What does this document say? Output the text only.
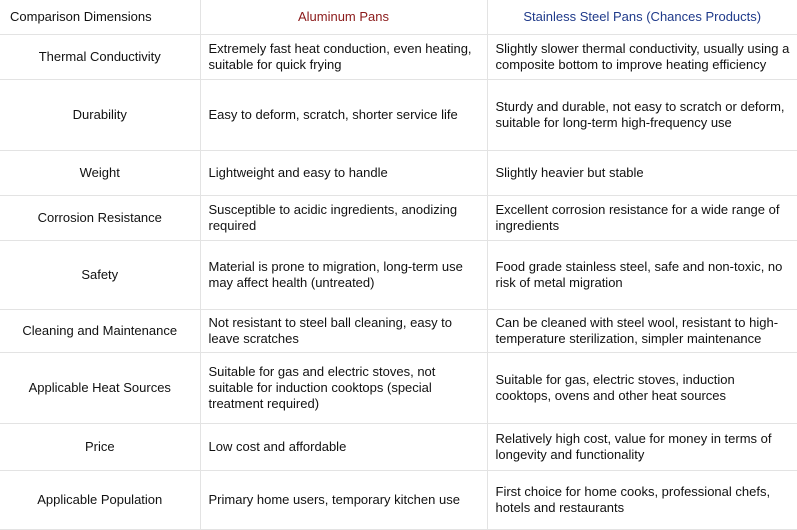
Comparison Dimensions	Aluminum Pans	Stainless Steel Pans (Chances Products)
Thermal Conductivity	Extremely fast heat conduction, even heating, suitable for quick frying	Slightly slower thermal conductivity, usually using a composite bottom to improve heating efficiency
Durability	Easy to deform, scratch, shorter service life	Sturdy and durable, not easy to scratch or deform, suitable for long-term high-frequency use
Weight	Lightweight and easy to handle	Slightly heavier but stable
Corrosion Resistance	Susceptible to acidic ingredients, anodizing required	Excellent corrosion resistance for a wide range of ingredients
Safety	Material is prone to migration, long-term use may affect health (untreated)	Food grade stainless steel, safe and non-toxic, no risk of metal migration
Cleaning and Maintenance	Not resistant to steel ball cleaning, easy to leave scratches	Can be cleaned with steel wool, resistant to high-temperature sterilization, simpler maintenance
Applicable Heat Sources	Suitable for gas and electric stoves, not suitable for induction cooktops (special treatment required)	Suitable for gas, electric stoves, induction cooktops, ovens and other heat sources
Price	Low cost and affordable	Relatively high cost, value for money in terms of longevity and functionality
Applicable Population	Primary home users, temporary kitchen use	First choice for home cooks, professional chefs, hotels and restaurants
